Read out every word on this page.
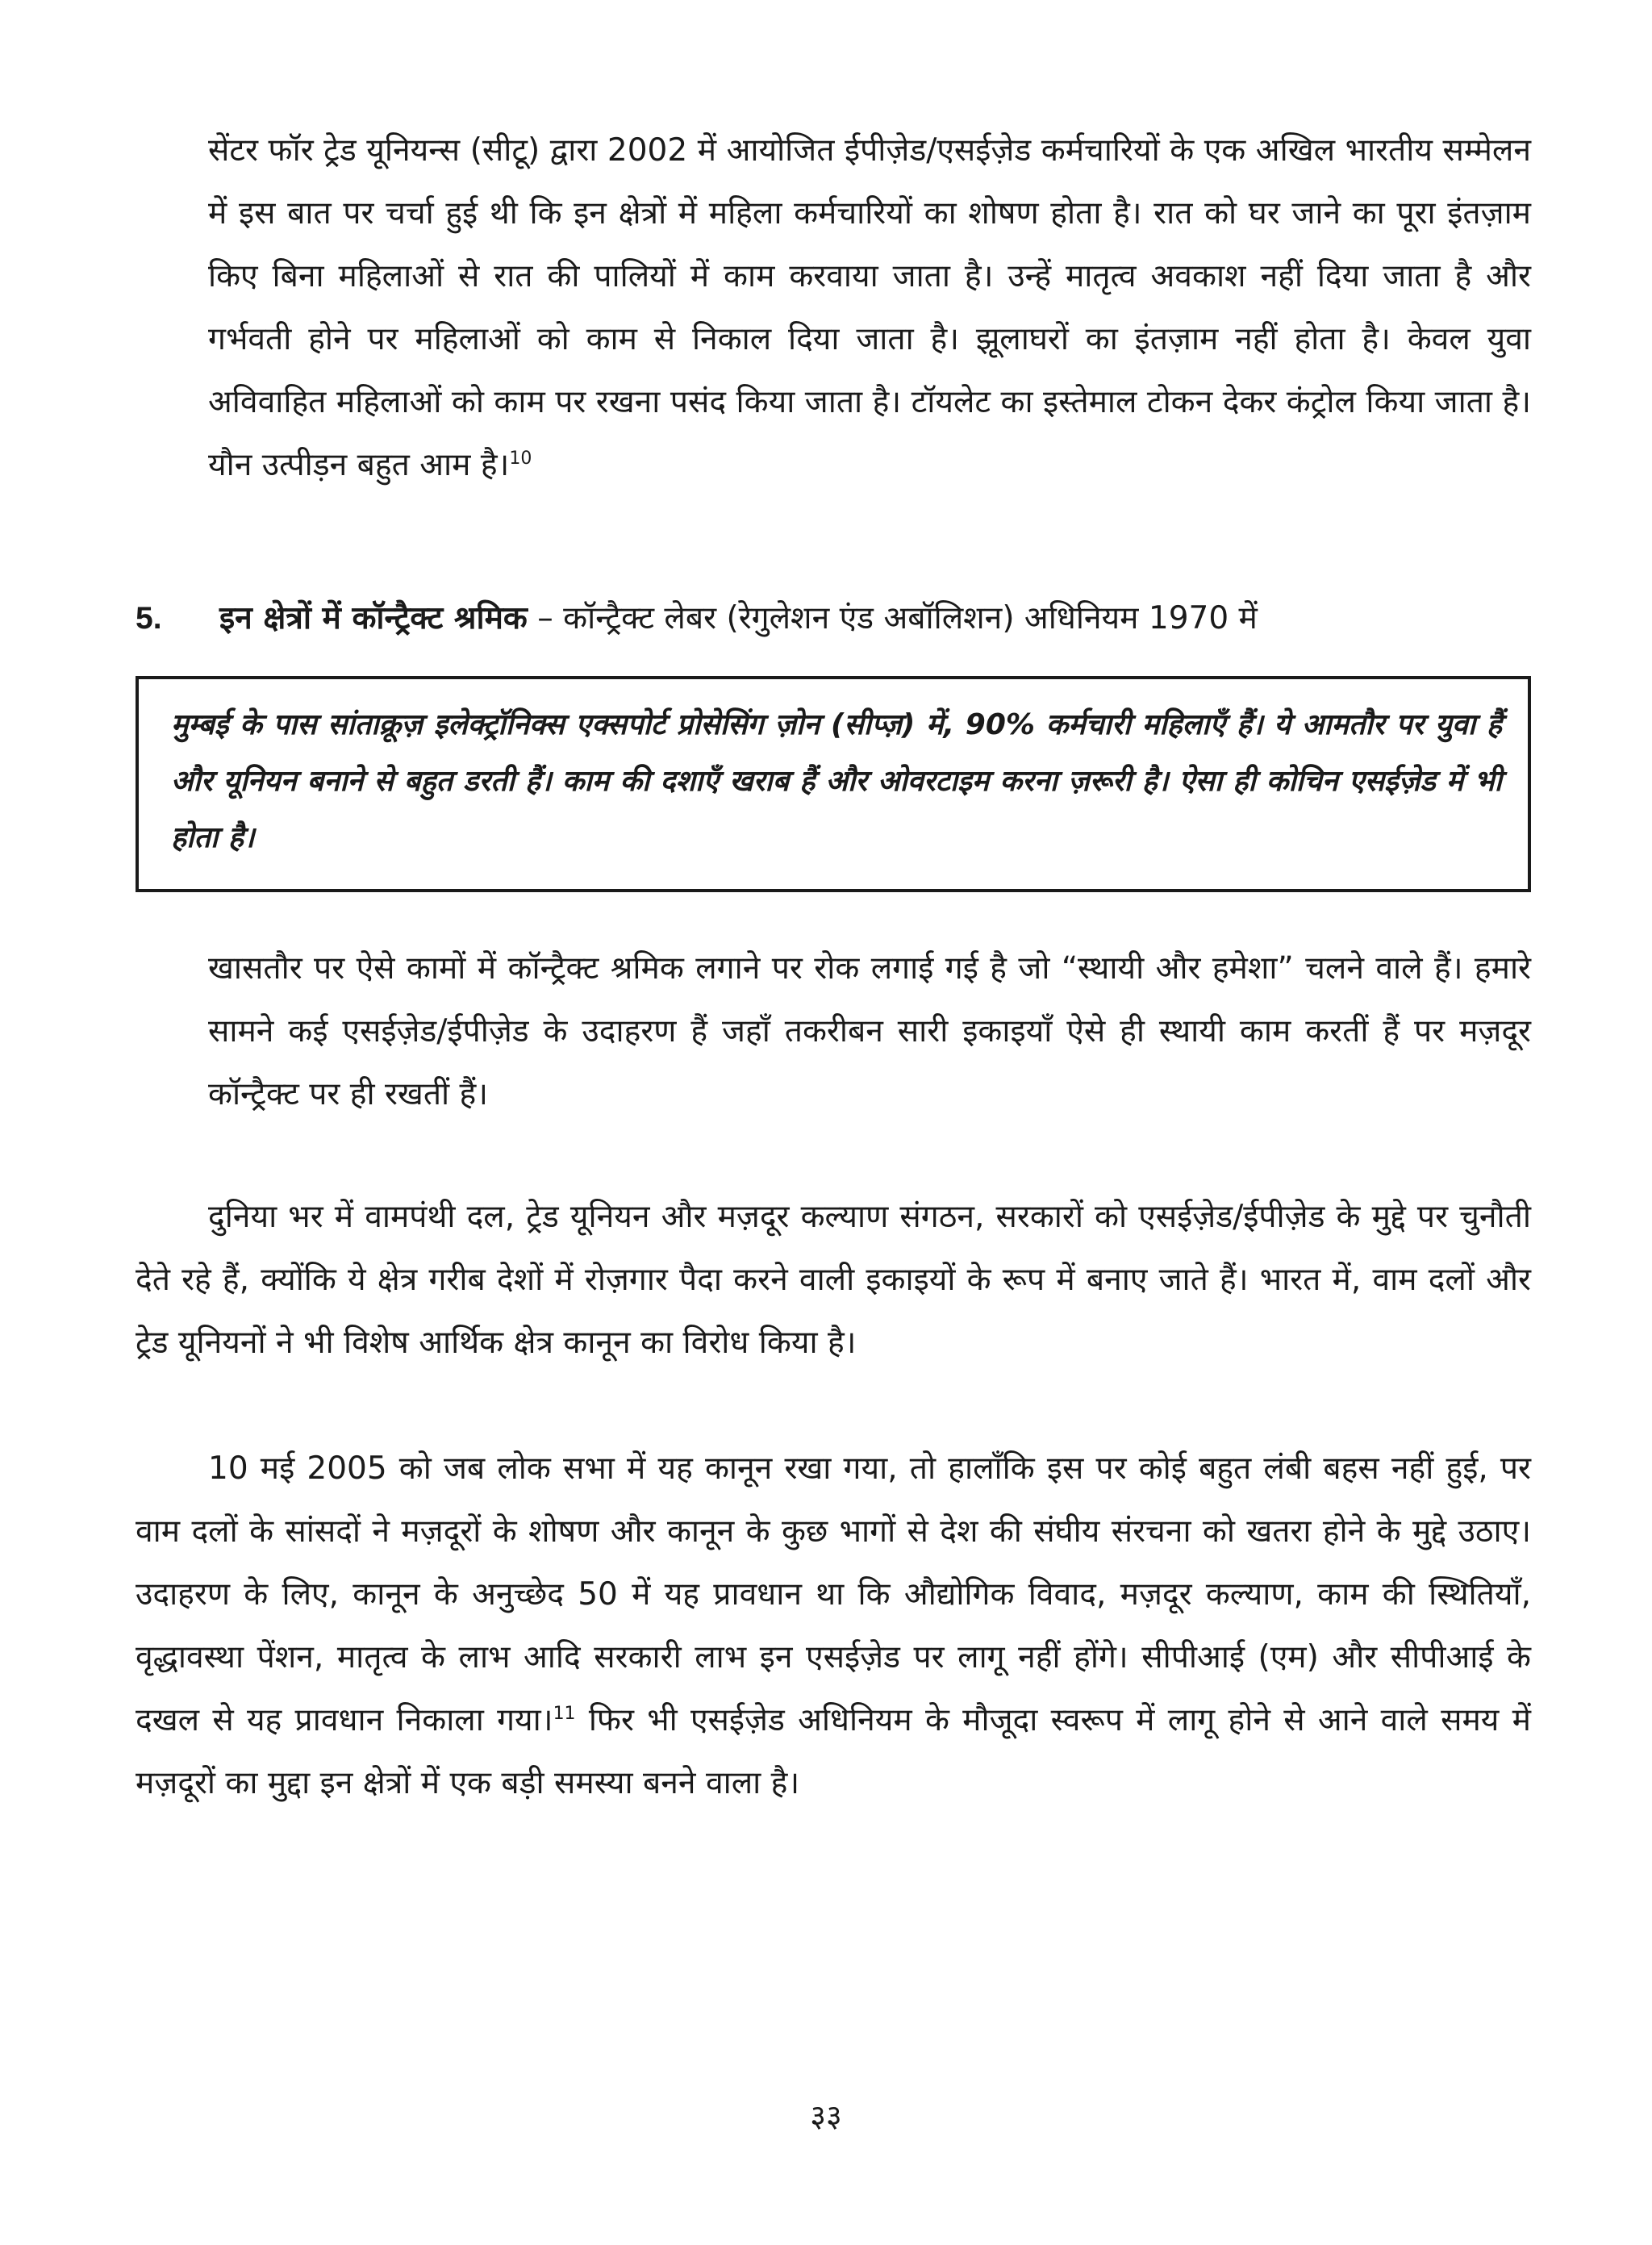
सेंटर फॉर ट्रेड यूनियन्स (सीटू) द्वारा 2002 में आयोजित ईपीज़ेड/एसईज़ेड कर्मचारियों के एक अखिल भारतीय सम्मेलन में इस बात पर चर्चा हुई थी कि इन क्षेत्रों में महिला कर्मचारियों का शोषण होता है। रात को घर जाने का पूरा इंतज़ाम किए बिना महिलाओं से रात की पालियों में काम करवाया जाता है। उन्हें मातृत्व अवकाश नहीं दिया जाता है और गर्भवती होने पर महिलाओं को काम से निकाल दिया जाता है। झूलाघरों का इंतज़ाम नहीं होता है। केवल युवा अविवाहित महिलाओं को काम पर रखना पसंद किया जाता है। टॉयलेट का इस्तेमाल टोकन देकर कंट्रोल किया जाता है। यौन उत्पीड़न बहुत आम है।$^{10}$

5. इन क्षेत्रों में कॉन्ट्रैक्ट श्रमिक – कॉन्ट्रैक्ट लेबर (रेगुलेशन एंड अबॉलिशन) अधिनियम 1970 में

मुम्बई के पास सांताक्रूज़ इलेक्ट्रॉनिक्स एक्सपोर्ट प्रोसेसिंग ज़ोन (सीप्ज़) में, 90% कर्मचारी महिलाएँ हैं। ये आमतौर पर युवा हैं और यूनियन बनाने से बहुत डरती हैं। काम की दशाएँ खराब हैं और ओवरटाइम करना ज़रूरी है। ऐसा ही कोचिन एसईज़ेड में भी होता है।

खासतौर पर ऐसे कामों में कॉन्ट्रैक्ट श्रमिक लगाने पर रोक लगाई गई है जो “स्थायी और हमेशा” चलने वाले हैं। हमारे सामने कई एसईज़ेड/ईपीज़ेड के उदाहरण हैं जहाँ तकरीबन सारी इकाइयाँ ऐसे ही स्थायी काम करतीं हैं पर मज़दूर कॉन्ट्रैक्ट पर ही रखतीं हैं।

दुनिया भर में वामपंथी दल, ट्रेड यूनियन और मज़दूर कल्याण संगठन, सरकारों को एसईज़ेड/ईपीज़ेड के मुद्दे पर चुनौती देते रहे हैं, क्योंकि ये क्षेत्र गरीब देशों में रोज़गार पैदा करने वाली इकाइयों के रूप में बनाए जाते हैं। भारत में, वाम दलों और ट्रेड यूनियनों ने भी विशेष आर्थिक क्षेत्र कानून का विरोध किया है।

10 मई 2005 को जब लोक सभा में यह कानून रखा गया, तो हालाँकि इस पर कोई बहुत लंबी बहस नहीं हुई, पर वाम दलों के सांसदों ने मज़दूरों के शोषण और कानून के कुछ भागों से देश की संघीय संरचना को खतरा होने के मुद्दे उठाए। उदाहरण के लिए, कानून के अनुच्छेद 50 में यह प्रावधान था कि औद्योगिक विवाद, मज़दूर कल्याण, काम की स्थितियाँ, वृद्धावस्था पेंशन, मातृत्व के लाभ आदि सरकारी लाभ इन एसईज़ेड पर लागू नहीं होंगे। सीपीआई (एम) और सीपीआई के दखल से यह प्रावधान निकाला गया।$^{11}$ फिर भी एसईज़ेड अधिनियम के मौजूदा स्वरूप में लागू होने से आने वाले समय में मज़दूरों का मुद्दा इन क्षेत्रों में एक बड़ी समस्या बनने वाला है।

३३
